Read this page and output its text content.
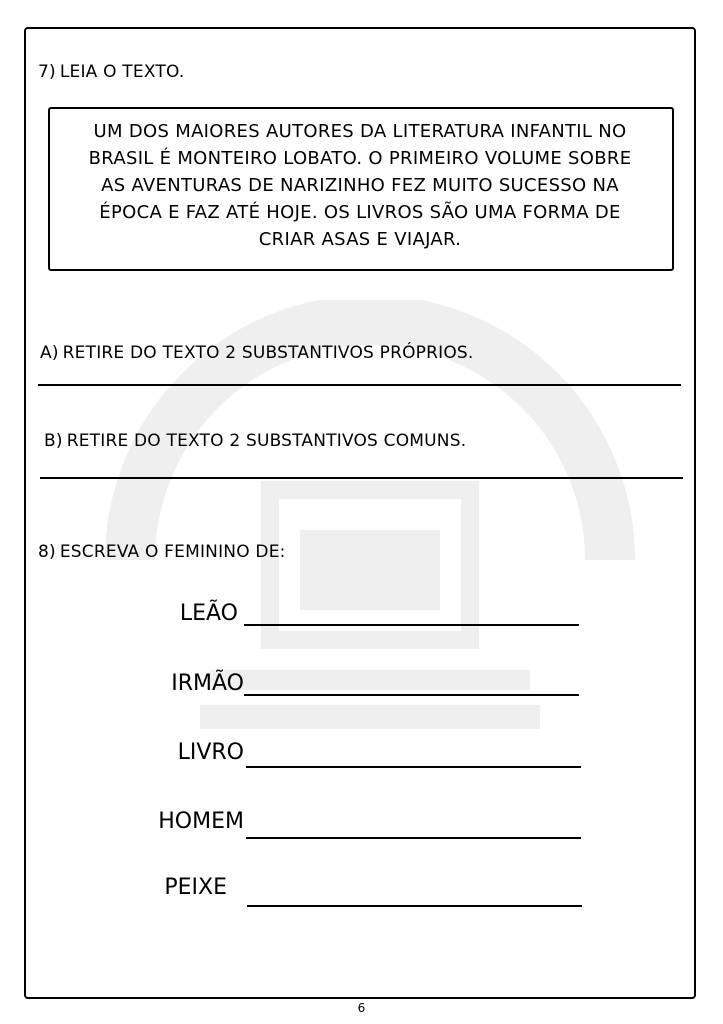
7) LEIA O TEXTO.
UM DOS MAIORES AUTORES DA LITERATURA INFANTIL NO BRASIL É MONTEIRO LOBATO. O PRIMEIRO VOLUME SOBRE AS AVENTURAS DE NARIZINHO FEZ MUITO SUCESSO NA ÉPOCA E FAZ ATÉ HOJE. OS LIVROS SÃO UMA FORMA DE CRIAR ASAS E VIAJAR.
A) RETIRE DO TEXTO 2 SUBSTANTIVOS PRÓPRIOS.
B) RETIRE DO TEXTO 2 SUBSTANTIVOS COMUNS.
8) ESCREVA O FEMININO DE:
LEÃO
IRMÃO
LIVRO
HOMEM
PEIXE
6
